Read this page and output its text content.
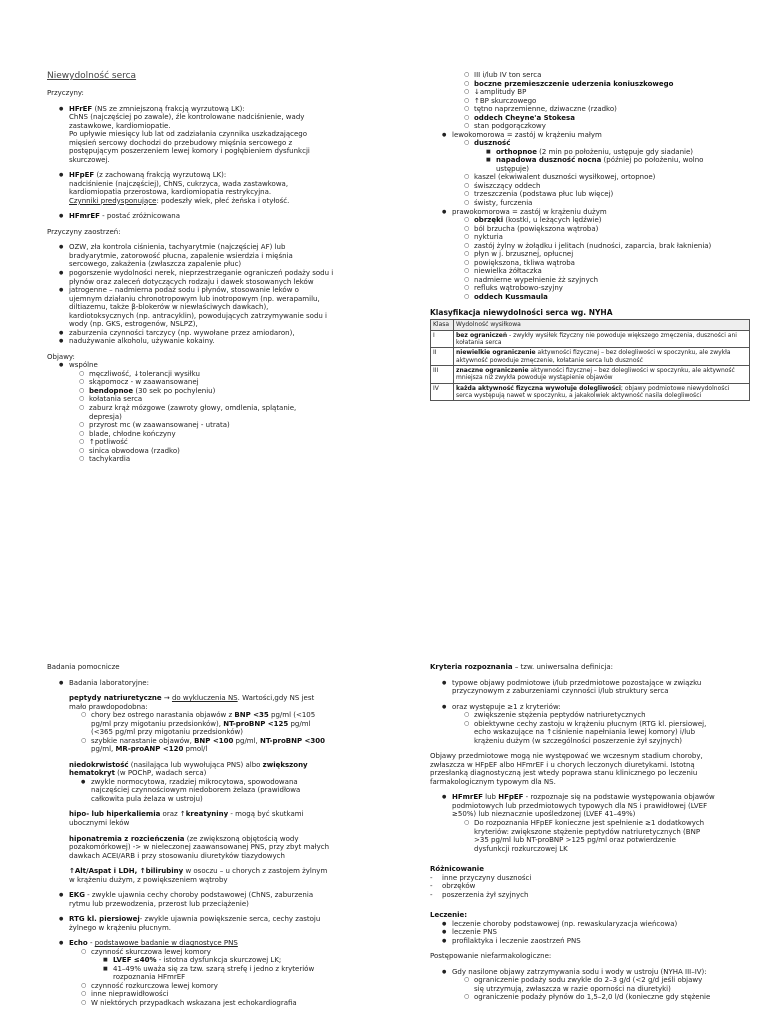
Niewydolność serca

Przyczyny:

● HFrEF (NS ze zmniejszoną frakcją wyrzutową LK):

ChNS (najczęściej po zawale), źle kontrolowane nadciśnienie, wady

zastawkowe, kardiomiopatie.

Po upływie miesięcy lub lat od zadziałania czynnika uszkadzającego

mięsień sercowy dochodzi do przebudowy mięśnia sercowego z

postępującym poszerzeniem lewej komory i pogłębieniem dysfunkcji

skurczowej.

● HFpEF (z zachowaną frakcją wyrzutową LK):

nadciśnienie (najczęściej), ChNS, cukrzyca, wada zastawkowa,

kardiomiopatia przerostowa, kardiomiopatia restrykcyjna.

Czynniki predysponujące: podeszły wiek, płeć żeńska i otyłość.

● HFmrEF - postać zróżnicowana

Przyczyny zaostrzeń:

● OZW, zła kontrola ciśnienia, tachyarytmie (najczęściej AF) lub

bradyarytmie, zatorowość płucna, zapalenie wsierdzia i mięśnia

sercowego, zakażenia (zwłaszcza zapalenie płuc)

● pogorszenie wydolności nerek, nieprzestrzeganie ograniczeń podaży sodu i

płynów oraz zaleceń dotyczących rodzaju i dawek stosowanych leków

● jatrogenne – nadmierna podaż sodu i płynów, stosowanie leków o

ujemnym działaniu chronotropowym lub inotropowym (np. werapamilu,

diltiazemu, także β-blokerów w niewłaściwych dawkach),

kardiotoksycznych (np. antracyklin), powodujących zatrzymywanie sodu i

wody (np. GKS, estrogenów, NSLPZ),

● zaburzenia czynności tarczycy (np. wywołane przez amiodaron),

● nadużywanie alkoholu, używanie kokainy.

Objawy:

● wspólne

○ męczliwość, ↓tolerancji wysiłku

○ skąpomocz - w zaawansowanej

○ bendopnoe (30 sek po pochyleniu)

○ kołatania serca

○ zaburz krąż mózgowe (zawroty głowy, omdlenia, splątanie,

depresja)

○ przyrost mc (w zaawansowanej - utrata)

○ blade, chłodne kończyny

○ ↑potliwość

○ sinica obwodowa (rzadko)

○ tachykardia

○ III i/lub IV ton serca

○ boczne przemieszczenie uderzenia koniuszkowego

○ ↓amplitudy BP

○ ↑BP skurczowego

○ tętno naprzemienne, dziwaczne (rzadko)

○ oddech Cheyne'a Stokesa

○ stan podgorączkowy

● lewokomorowa = zastój w krążeniu małym

○ duszność

■ orthopnoe (2 min po położeniu, ustępuje gdy siadanie)

■ napadowa duszność nocna (później po położeniu, wolno

ustępuje)

○ kaszel (ekwiwalent duszności wysiłkowej, ortopnoe)

○ świszczący oddech

○ trzeszczenia (podstawa płuc lub więcej)

○ świsty, furczenia

● prawokomorowa = zastój w krążeniu dużym

○ obrzęki (kostki, u leżących lędźwie)

○ ból brzucha (powiększona wątroba)

○ nykturia

○ zastój żylny w żołądku i jelitach (nudności, zaparcia, brak łaknienia)

○ płyn w j. brzusznej, opłucnej

○ powiększona, tkliwa wątroba

○ niewielka żółtaczka

○ nadmierne wypełnienie żż szyjnych

○ refluks wątrobowo-szyjny

○ oddech Kussmaula

Klasyfikacja niewydolności serca wg. NYHA

Klasa	Wydolność wysiłkowa
I	bez ograniczeń - zwykły wysiłek fizyczny nie powoduje większego zmęczenia, duszności ani kołatania serca
II	niewielkie ograniczenie aktywności fizycznej – bez dolegliwości w spoczynku, ale zwykła aktywność powoduje zmęczenie, kołatanie serca lub duszność
III	znaczne ograniczenie aktywności fizycznej – bez dolegliwości w spoczynku, ale aktywność mniejsza niż zwykła powoduje wystąpienie objawów
IV	każda aktywność fizyczna wywołuje dolegliwości; objawy podmiotowe niewydolności serca występują nawet w spoczynku, a jakakolwiek aktywność nasila dolegliwości

Badania pomocnicze

● Badania laboratoryjne:

peptydy natriuretyczne → do wykluczenia NS. Wartości,gdy NS jest

mało prawdopodobna:

○ chory bez ostrego narastania objawów z BNP <35 pg/ml (<105

pg/ml przy migotaniu przedsionków), NT-proBNP <125 pg/ml

(<365 pg/ml przy migotaniu przedsionków)

○ szybkie narastanie objawów, BNP <100 pg/ml, NT-proBNP <300

pg/ml, MR-proANP <120 pmol/l

niedokrwistość (nasilająca lub wywołująca PNS) albo zwiększony

hematokryt (w POChP, wadach serca)

● zwykle normocytowa, rzadziej mikrocytowa, spowodowana

najczęściej czynnościowym niedoborem żelaza (prawidłowa

całkowita pula żelaza w ustroju)

hipo- lub hiperkaliemia oraz ↑kreatyniny - mogą być skutkami

ubocznymi leków

hiponatremia z rozcieńczenia (ze zwiększoną objętością wody

pozakomórkowej) -> w nieleczonej zaawansowanej PNS, przy zbyt małych

dawkach ACEI/ARB i przy stosowaniu diuretyków tiazydowych

↑Alt/Aspat i LDH, ↑bilirubiny w osoczu – u chorych z zastojem żylnym

w krążeniu dużym, z powiększeniem wątroby

● EKG - zwykle ujawnia cechy choroby podstawowej (ChNS, zaburzenia

rytmu lub przewodzenia, przerost lub przeciążenie)

● RTG kl. piersiowej- zwykle ujawnia powiększenie serca, cechy zastoju

żylnego w krążeniu płucnym.

● Echo - podstawowe badanie w diagnostyce PNS

○ czynność skurczowa lewej komory

■ LVEF ≤40% - istotna dysfunkcja skurczowej LK;

■ 41–49% uważa się za tzw. szarą strefę i jedno z kryteriów

rozpoznania HFmrEF

○ czynność rozkurczowa lewej komory

○ inne nieprawidłowości

○ W niektórych przypadkach wskazana jest echokardiografia

Kryteria rozpoznania – tzw. uniwersalna definicja:

● typowe objawy podmiotowe i/lub przedmiotowe pozostające w związku

przyczynowym z zaburzeniami czynności i/lub struktury serca

● oraz występuje ≥1 z kryteriów:

○ zwiększenie stężenia peptydów natriuretycznych

○ obiektywne cechy zastoju w krążeniu płucnym (RTG kl. piersiowej,

echo wskazujące na ↑ciśnienie napełniania lewej komory) i/lub

krążeniu dużym (w szczególności poszerzenie żył szyjnych)

Objawy przedmiotowe mogą nie występować we wczesnym stadium choroby,

zwłaszcza w HFpEF albo HFmrEF i u chorych leczonych diuretykami. Istotną

przesłanką diagnostyczną jest wtedy poprawa stanu klinicznego po leczeniu

farmakologicznym typowym dla NS.

● HFmrEF lub HFpEF - rozpoznaje się na podstawie występowania objawów

podmiotowych lub przedmiotowych typowych dla NS i prawidłowej (LVEF

≥50%) lub nieznacznie upośledzonej (LVEF 41–49%)

○ Do rozpoznania HFpEF konieczne jest spełnienie ≥1 dodatkowych

kryteriów: zwiększone stężenie peptydów natriuretycznych (BNP

>35 pg/ml lub NT-proBNP >125 pg/ml oraz potwierdzenie

dysfunkcji rozkurczowej LK

Różnicowanie

- inne przyczyny duszności
- obrzęków
- poszerzenia żył szyjnych

Leczenie:

● leczenie choroby podstawowej (np. rewaskularyzacja wieńcowa)

● leczenie PNS

● profilaktyka i leczenie zaostrzeń PNS

Postępowanie niefarmakologiczne:

● Gdy nasilone objawy zatrzymywania sodu i wody w ustroju (NYHA III–IV):

○ ograniczenie podaży sodu zwykle do 2–3 g/d (<2 g/d jeśli objawy

się utrzymują, zwłaszcza w razie oporności na diuretyki)

○ ograniczenie podaży płynów do 1,5–2,0 l/d (konieczne gdy stężenie
